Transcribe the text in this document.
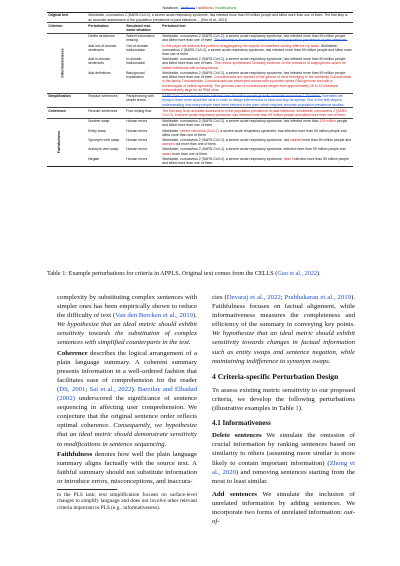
Notations: deletions/additions/modifications
Original text	Worldwide, coronavirus 2 (SARS-CoV-2), a severe acute respiratory syndrome, has infected more than 59 million people and killed more than one of them. The first step is an accurate assessment of the population prevalence of past infections ... (Kim et al., 2021)		
Criterion	Perturbation	Simulated real-world situation	Perturbed text

Informativeness	Delete sentences	Salient information missing	Worldwide, coronavirus 2 (SARS-CoV-2), a severe acute respiratory syndrome, has infected more than 59 million people and killed more than one of them. The first step is an accurate assessment of the population prevalence of past infections.
	Add out-of-domain sentences	Out-of-domain hallucination	In this paper we address the problem of aggregating the outputs of classifiers solving different nlp tasks. Worldwide, coronavirus 2 (SARS-CoV-2), a severe acute respiratory syndrome, has infected more than 59 million people and killed more than one of them.
	Add in-domain sentences	In-domain hallucination	Worldwide, coronavirus 2 (SARS-CoV-2), a severe acute respiratory syndrome, has infected more than 59 million people and killed more than one of them. This review synthesised Scholarly evidence on the reduction of antipsychotic doses for stable individuals with schizophrenia...
	Add definitions	Background explanation	Worldwide, coronavirus 2 (SARS-CoV-2), a severe acute respiratory syndrome, has infected more than 59 million people and killed more than one of them. Coronaviruses are species of the genera of virus belonging to the subfamily Coronavirinae in the family Coronaviridae. Coronaviruses are enveloped viruses with a positive-sense RNA genome and with a nucleocapsid of helical symmetry. The genomic size of coronaviruses ranges from approximately 26 to 32 kilobases, extraordinarily large for an RNA virus.
Simplification	Replace sentences	Paraphrasing with simple terms	SARS-CoV-2 is a virus that has infected over 59 million people globally and killed more than 1.39 million. Scientists are trying to learn more about the virus in order to design interventions to slow and stop its spread. One of the first steps is understanding how many people have been infected in the past, which requires accurate population prevalence studies.
Coherence	Reorder sentences	Poor writing flow	The first step is an accurate assessment of the population prevalence of past infections. Worldwide, coronavirus 2 (SARS-CoV-2), a severe acute respiratory syndrome, has infected more than 59 million people and killed more than one of them.

Faithfulness	Number swap	Human errors	Worldwide, coronavirus 2 (SARS-CoV-2), a severe acute respiratory syndrome, has infected more than 129 million people and killed more than one of them.
	Entity swap	Human errors	Worldwide, severe retrovirus (CoV-2), a severe acute respiratory syndrome, has infected more than 59 million people and killed more than one of them.
	Synonym verb swap	Human errors	Worldwide, coronavirus 2 (SARS-CoV-2), a severe acute respiratory syndrome, has stained more than 59 million people and damped out more than one of them.
	Antonym verb swap	Human errors	Worldwide, coronavirus 2 (SARS-CoV-2), a severe acute respiratory syndrome, infected more than 59 million people and saved more than one of them.
	Negate	Human errors	Worldwide, coronavirus 2 (SARS-CoV-2), a severe acute respiratory syndrome, hasn't infected more than 59 million people and killed more than one of them.
Table 1: Example perturbations for criteria in APPLS. Original text comes from the CELLS (Guo et al., 2022).

complexity by substituting complex sentences with simpler ones has been empirically shown to reduce the difficulty of text (Van den Bercken et al., 2019). We hypothesize that an ideal metric should exhibit sensitivity towards the substitution of complex sentences with simplified counterparts in the text.

Coherence describes the logical arrangement of a plain language summary. A coherent summary presents information in a well-ordered fashion that facilitates ease of comprehension for the reader (DS, 2001; Sai et al., 2022). Barzilay and Elhadad (2002) underscored the significance of sentence sequencing in affecting user comprehension. We conjecture that the original sentence order reflects optimal coherence. Consequently, we hypothesize that an ideal metric should demonstrate sensitivity to modifications in sentence sequencing.

Faithfulness denotes how well the plain language summary aligns factually with the source text. A faithful summary should not substitute information or introduce errors, misconceptions, and inaccura-

to the PLS task; text simplification focuses on surface-level changes to simplify language and does not involve other relevant criteria important to PLS (e.g., informativeness).

cies (Devaraj et al., 2022; Prabhakaran et al., 2019). Faithfulness focuses on factual alignment, while informativeness measures the completeness and efficiency of the summary in conveying key points. We hypothesize that an ideal metric should exhibit sensitivity towards changes in factual information such as entity swaps and sentence negation, while maintaining indifference to synonym swaps.

4 Criteria-specific Perturbation Design

To assess existing metric sensitivity to our proposed criteria, we develop the following perturbations (illustrative examples in Table 1).

4.1 Informativeness

Delete sentences We simulate the omission of crucial information by ranking sentences based on similarity to others (assuming more similar is more likely to contain important information) (Zhong et al., 2020) and removing sentences starting from the most to least similar.

Add sentences We simulate the inclusion of unrelated information by adding sentences. We incorporate two forms of unrelated information: out-of-
